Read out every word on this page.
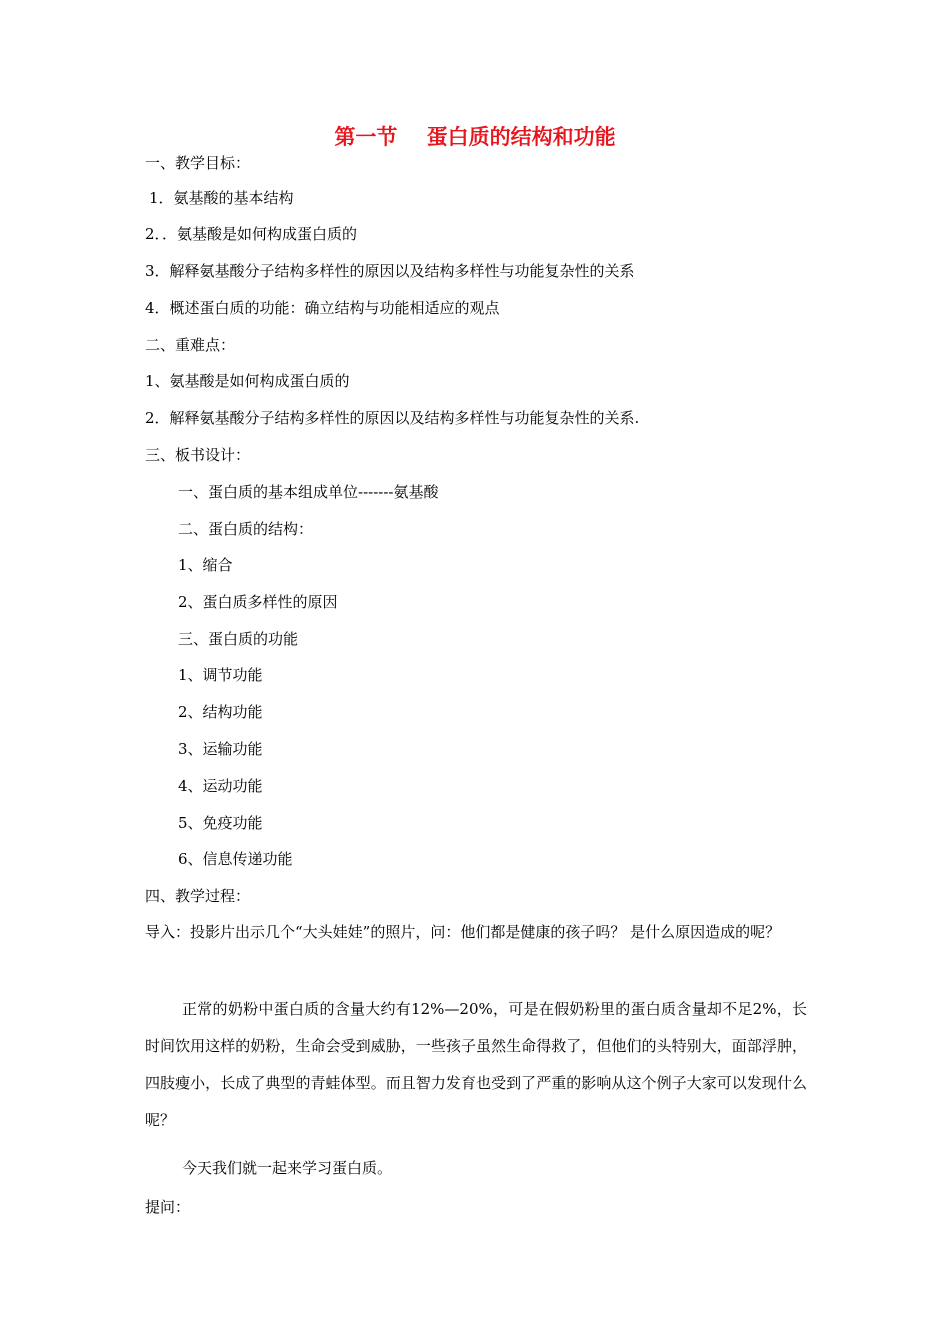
第一节    蛋白质的结构和功能
一、教学目标：
1．氨基酸的基本结构
2．．氨基酸是如何构成蛋白质的
3．解释氨基酸分子结构多样性的原因以及结构多样性与功能复杂性的关系
4．概述蛋白质的功能：确立结构与功能相适应的观点
二、重难点：
1、氨基酸是如何构成蛋白质的
2．解释氨基酸分子结构多样性的原因以及结构多样性与功能复杂性的关系.
三、板书设计：
一、蛋白质的基本组成单位-------氨基酸
二、蛋白质的结构：
1、缩合
2、蛋白质多样性的原因
三、蛋白质的功能
1、调节功能
2、结构功能
3、运输功能
4、运动功能
5、免疫功能
6、信息传递功能
四、教学过程：
导入：投影片出示几个“大头娃娃”的照片，问：他们都是健康的孩子吗？ 是什么原因造成的呢？
正常的奶粉中蛋白质的含量大约有12%—20%，可是在假奶粉里的蛋白质含量却不足2%，长时间饮用这样的奶粉，生命会受到威胁，一些孩子虽然生命得救了，但他们的头特别大，面部浮肿，四肢瘦小，长成了典型的青蛙体型。而且智力发育也受到了严重的影响从这个例子大家可以发现什么呢？
今天我们就一起来学习蛋白质。
提问：
